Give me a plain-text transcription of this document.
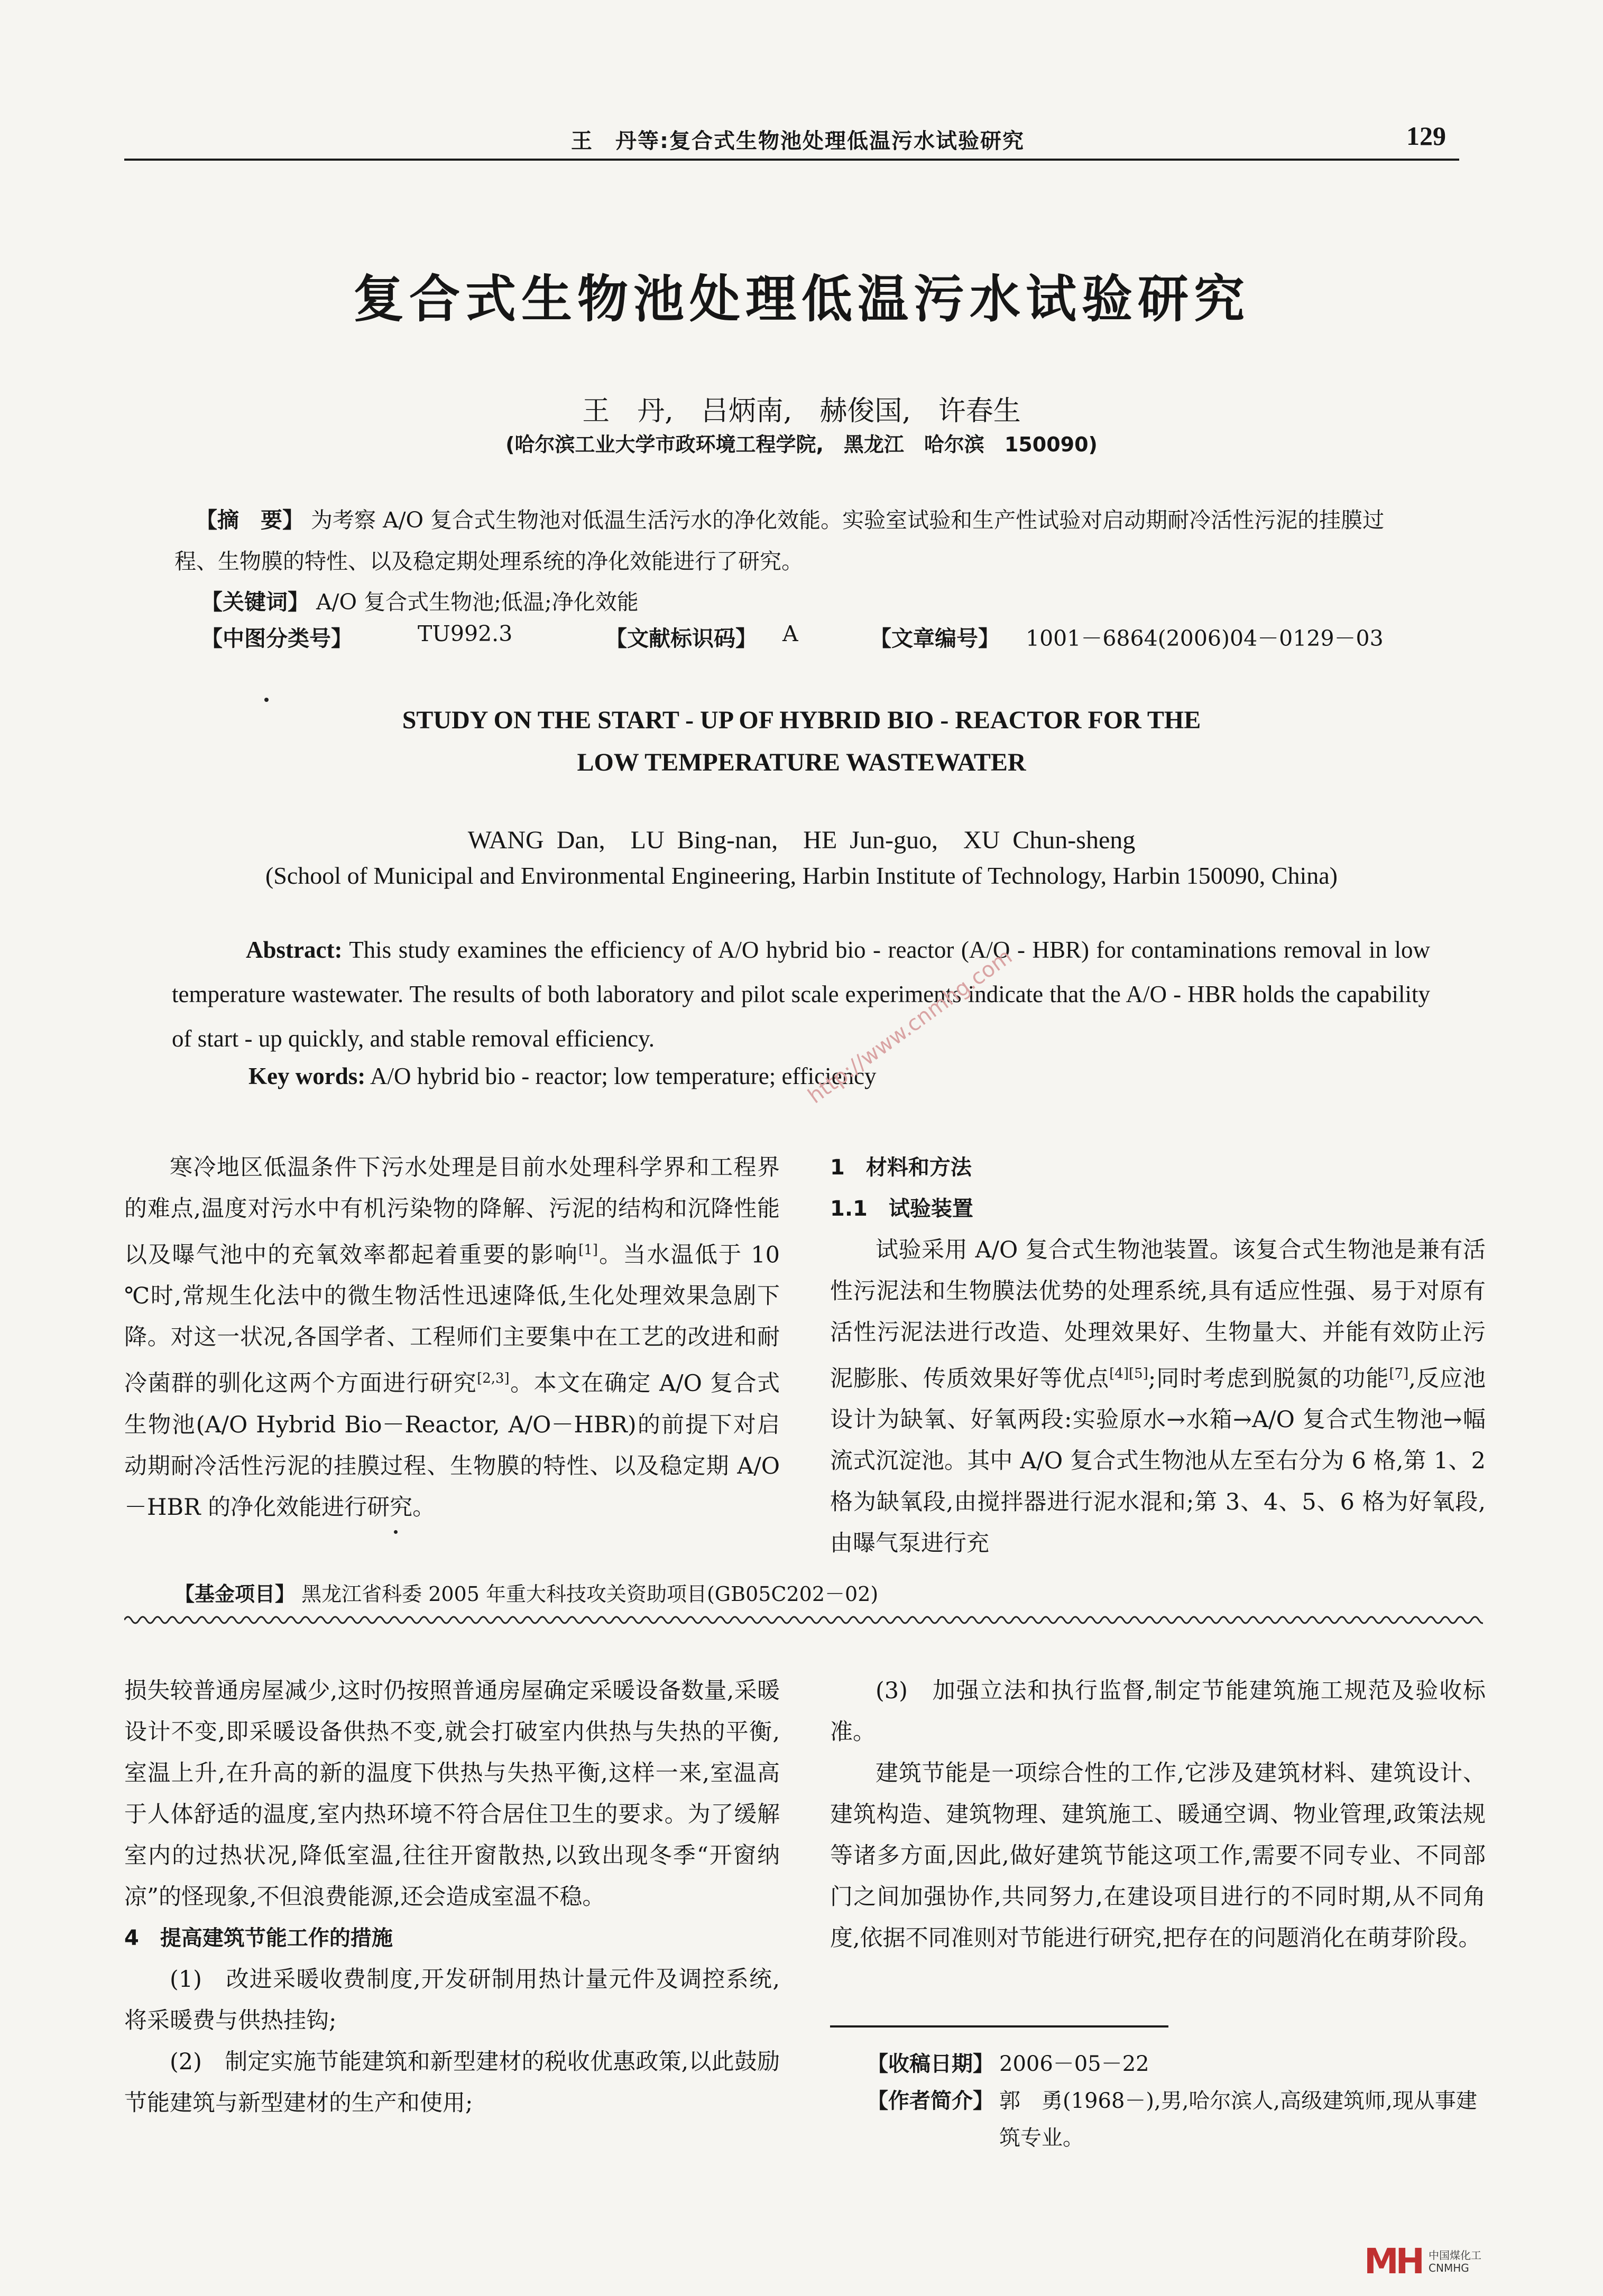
王　丹等:复合式生物池处理低温污水试验研究	129
复合式生物池处理低温污水试验研究
王　丹,　吕炳南,　赫俊国,　许春生
(哈尔滨工业大学市政环境工程学院,　黑龙江　哈尔滨　150090)
【摘　要】 为考察 A/O 复合式生物池对低温生活污水的净化效能。实验室试验和生产性试验对启动期耐冷活性污泥的挂膜过程、生物膜的特性、以及稳定期处理系统的净化效能进行了研究。
【关键词】 A/O 复合式生物池;低温;净化效能
【中图分类号】	TU992.3	【文献标识码】 A	【文章编号】 1001－6864(2006)04－0129－03
STUDY ON THE START - UP OF HYBRID BIO - REACTOR FOR THE
LOW TEMPERATURE WASTEWATER
WANG Dan,　LU Bing-nan,　HE Jun-guo,　XU Chun-sheng
(School of Municipal and Environmental Engineering, Harbin Institute of Technology, Harbin 150090, China)
Abstract: This study examines the efficiency of A/O hybrid bio - reactor (A/O - HBR) for contaminations removal in low temperature wastewater. The results of both laboratory and pilot scale experiments indicate that the A/O - HBR holds the capability of start - up quickly, and stable removal efficiency.
Key words: A/O hybrid bio - reactor; low temperature; efficiency
http://www.cnmhg.com

寒冷地区低温条件下污水处理是目前水处理科学界和工程界的难点,温度对污水中有机污染物的降解、污泥的结构和沉降性能以及曝气池中的充氧效率都起着重要的影响[1]。当水温低于 10 ℃时,常规生化法中的微生物活性迅速降低,生化处理效果急剧下降。对这一状况,各国学者、工程师们主要集中在工艺的改进和耐冷菌群的驯化这两个方面进行研究[2,3]。本文在确定 A/O 复合式生物池(A/O Hybrid Bio－Reactor, A/O－HBR)的前提下对启动期耐冷活性污泥的挂膜过程、生物膜的特性、以及稳定期 A/O－HBR 的净化效能进行研究。

1　材料和方法
1.1　试验装置

试验采用 A/O 复合式生物池装置。该复合式生物池是兼有活性污泥法和生物膜法优势的处理系统,具有适应性强、易于对原有活性污泥法进行改造、处理效果好、生物量大、并能有效防止污泥膨胀、传质效果好等优点[4][5];同时考虑到脱氮的功能[7],反应池设计为缺氧、好氧两段:实验原水→水箱→A/O 复合式生物池→幅流式沉淀池。其中 A/O 复合式生物池从左至右分为 6 格,第 1、2 格为缺氧段,由搅拌器进行泥水混和;第 3、4、5、6 格为好氧段,由曝气泵进行充

【基金项目】 黑龙江省科委 2005 年重大科技攻关资助项目(GB05C202－02)

损失较普通房屋减少,这时仍按照普通房屋确定采暖设备数量,采暖设计不变,即采暖设备供热不变,就会打破室内供热与失热的平衡,室温上升,在升高的新的温度下供热与失热平衡,这样一来,室温高于人体舒适的温度,室内热环境不符合居住卫生的要求。为了缓解室内的过热状况,降低室温,往往开窗散热,以致出现冬季“开窗纳凉”的怪现象,不但浪费能源,还会造成室温不稳。

4　提高建筑节能工作的措施

(1)　改进采暖收费制度,开发研制用热计量元件及调控系统,将采暖费与供热挂钩;

(2)　制定实施节能建筑和新型建材的税收优惠政策,以此鼓励节能建筑与新型建材的生产和使用;

(3)　加强立法和执行监督,制定节能建筑施工规范及验收标准。

建筑节能是一项综合性的工作,它涉及建筑材料、建筑设计、建筑构造、建筑物理、建筑施工、暖通空调、物业管理,政策法规等诸多方面,因此,做好建筑节能这项工作,需要不同专业、不同部门之间加强协作,共同努力,在建设项目进行的不同时期,从不同角度,依据不同准则对节能进行研究,把存在的问题消化在萌芽阶段。

【收稿日期】 2006－05－22
【作者简介】 郭　勇(1968－),男,哈尔滨人,高级建筑师,现从事建筑专业。
MH 中国煤化工
CNMHG
